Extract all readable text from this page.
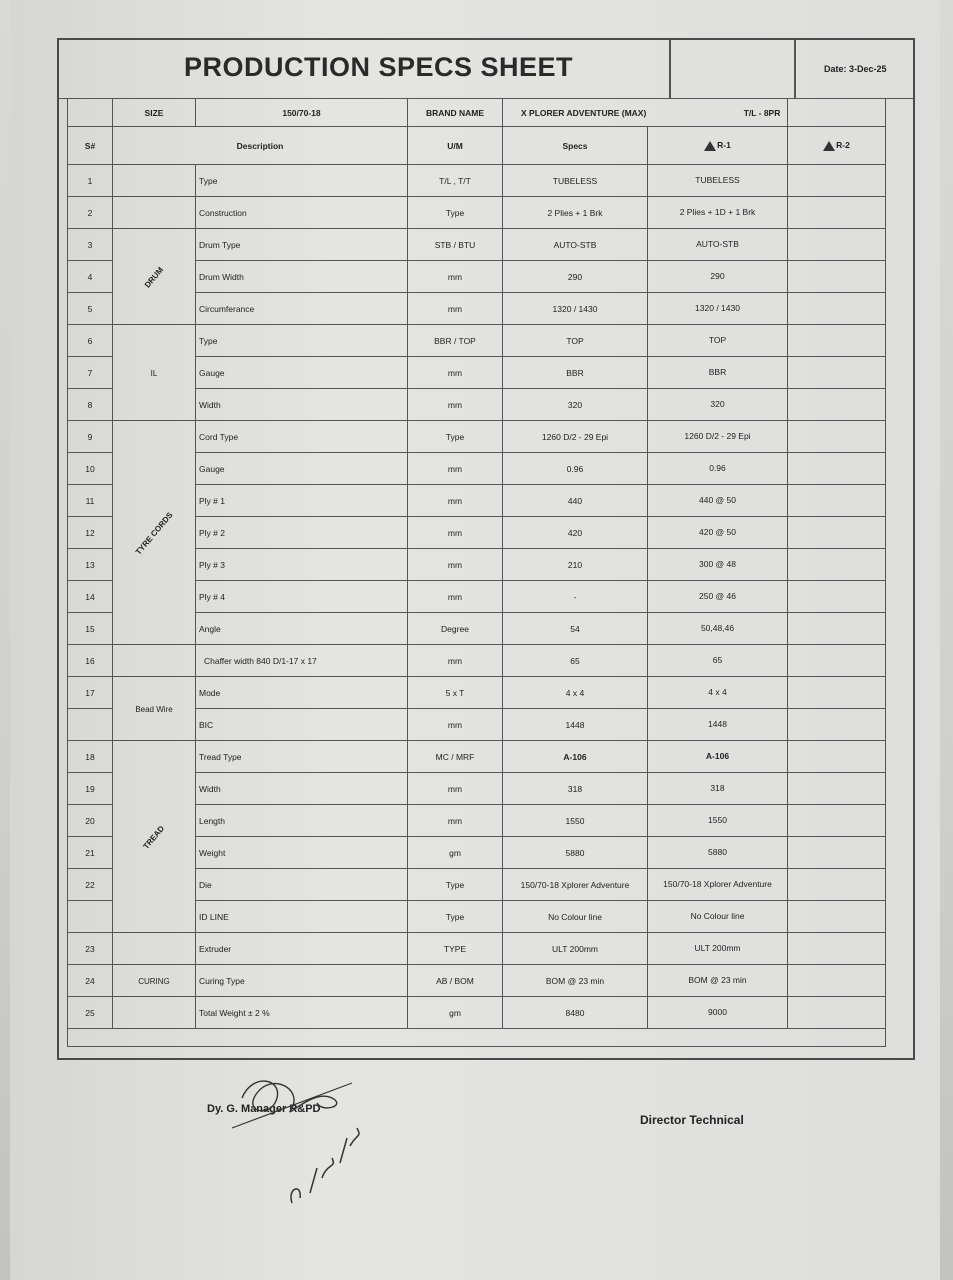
PRODUCTION SPECS SHEET	Date: 3-Dec-25
	SIZE	150/70-18	BRAND NAME	X PLORER ADVENTURE (MAX) T/L - 8PR		
S#	Description		U/M	Specs	R-1	R-2
1		Type	T/L , T/T	TUBELESS	TUBELESS	
2		Construction	Type	2 Plies + 1 Brk	2 Plies + 1D + 1 Brk	
3	DRUM	Drum Type	STB / BTU	AUTO-STB	AUTO-STB	
4		Drum Width	mm	290	290	
5		Circumferance	mm	1320 / 1430	1320 / 1430	
6	IL	Type	BBR / TOP	TOP	TOP	
7		Gauge	mm	BBR	BBR	
8		Width	mm	320	320	
9	TYRE CORDS	Cord Type	Type	1260 D/2 - 29 Epi	1260 D/2 - 29 Epi	
10		Gauge	mm	0.96	0.96	
11		Ply # 1	mm	440	440 @ 50	
12		Ply # 2	mm	420	420 @ 50	
13		Ply # 3	mm	210	300 @ 48	
14		Ply # 4	mm	-	250 @ 46	
15		Angle	Degree	54	50,48,46	
16		Chaffer width 840 D/1-17 x 17	mm	65	65	
17	Bead Wire	Mode	5 x T	4 x 4	4 x 4	
		BIC	mm	1448	1448	
18	TREAD	Tread Type	MC / MRF	A-106	A-106	
19		Width	mm	318	318	
20		Length	mm	1550	1550	
21		Weight	gm	5880	5880	
22		Die	Type	150/70-18 Xplorer Adventure	150/70-18 Xplorer Adventure	
		ID LINE	Type	No Colour line	No Colour line	
23		Extruder	TYPE	ULT 200mm	ULT 200mm	
24	CURING	Curing Type	AB / BOM	BOM @ 23 min	BOM @ 23 min	
25		Total Weight ± 2 %	gm	8480	9000	

Dy. G. Manager R&PD
Director Technical
